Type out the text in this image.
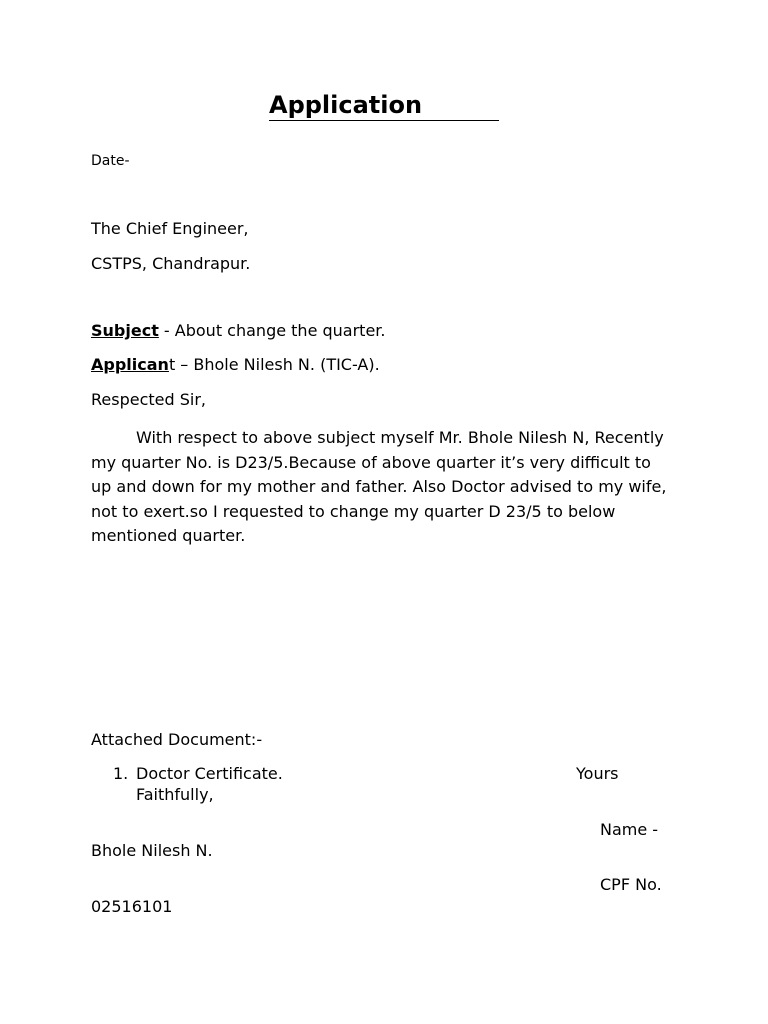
Application
Date-
The Chief Engineer,
CSTPS, Chandrapur.
Subject - About change the quarter.
Applicant – Bhole Nilesh N. (TIC-A).
Respected Sir,
With respect to above subject myself Mr. Bhole Nilesh N, Recently my quarter No. is D23/5.Because of above quarter it’s very difficult to up and down for my mother and father. Also Doctor advised to my wife, not to exert.so I requested to change my quarter D 23/5 to below mentioned quarter.
Attached Document:-
1. Doctor Certificate.	Yours
Faithfully,
Name -
Bhole Nilesh N.
CPF No.
02516101
